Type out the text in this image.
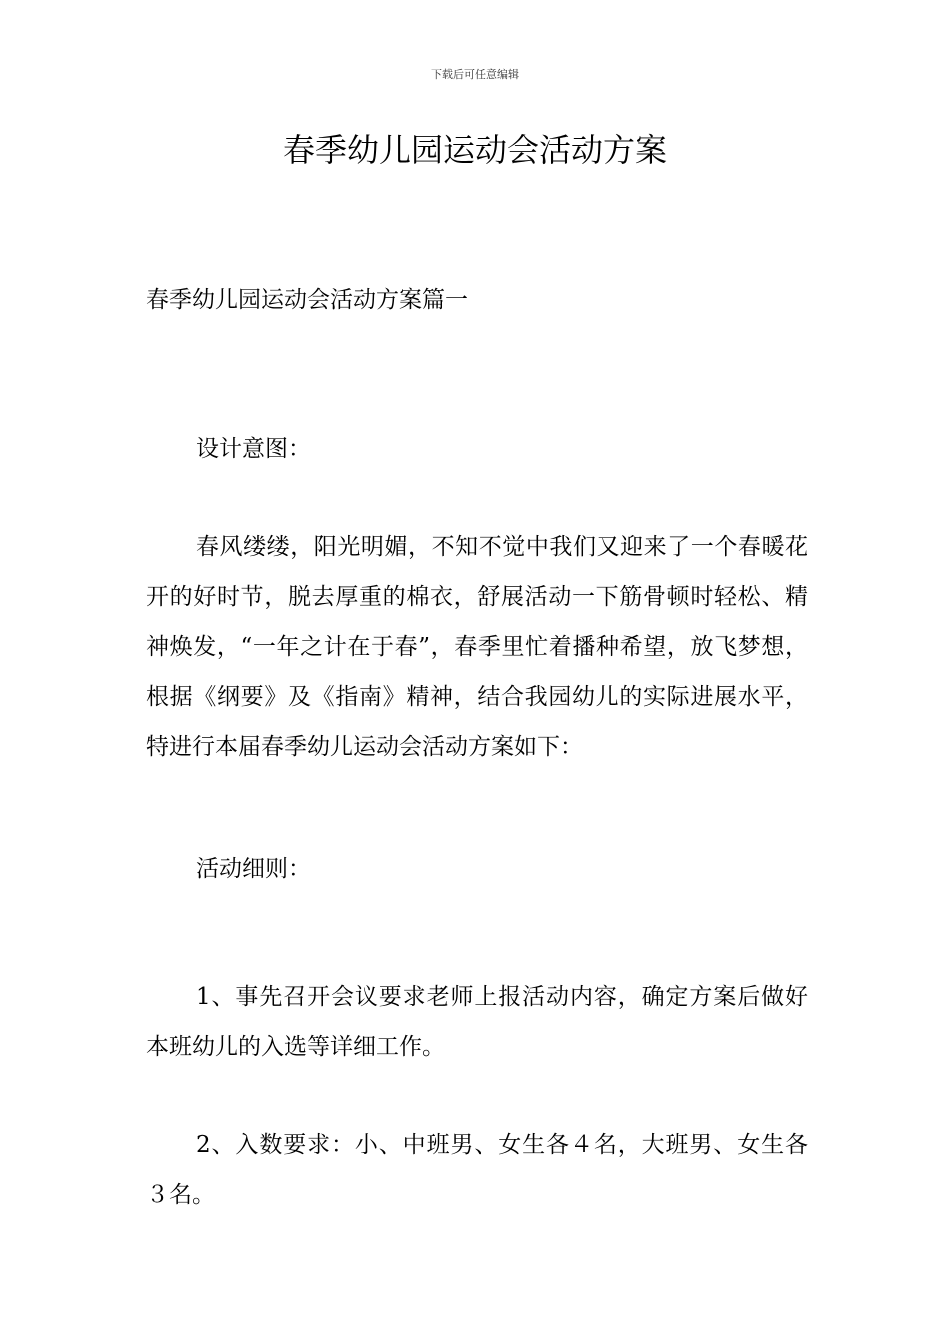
下载后可任意编辑
春季幼儿园运动会活动方案
春季幼儿园运动会活动方案篇一
设计意图：
春风缕缕，阳光明媚，不知不觉中我们又迎来了一个春暖花开的好时节，脱去厚重的棉衣，舒展活动一下筋骨顿时轻松、精神焕发，“一年之计在于春”，春季里忙着播种希望，放飞梦想，根据《纲要》及《指南》精神，结合我园幼儿的实际进展水平，特进行本届春季幼儿运动会活动方案如下：
活动细则：
1、事先召开会议要求老师上报活动内容，确定方案后做好本班幼儿的入选等详细工作。
2、入数要求：小、中班男、女生各４名，大班男、女生各３名。
